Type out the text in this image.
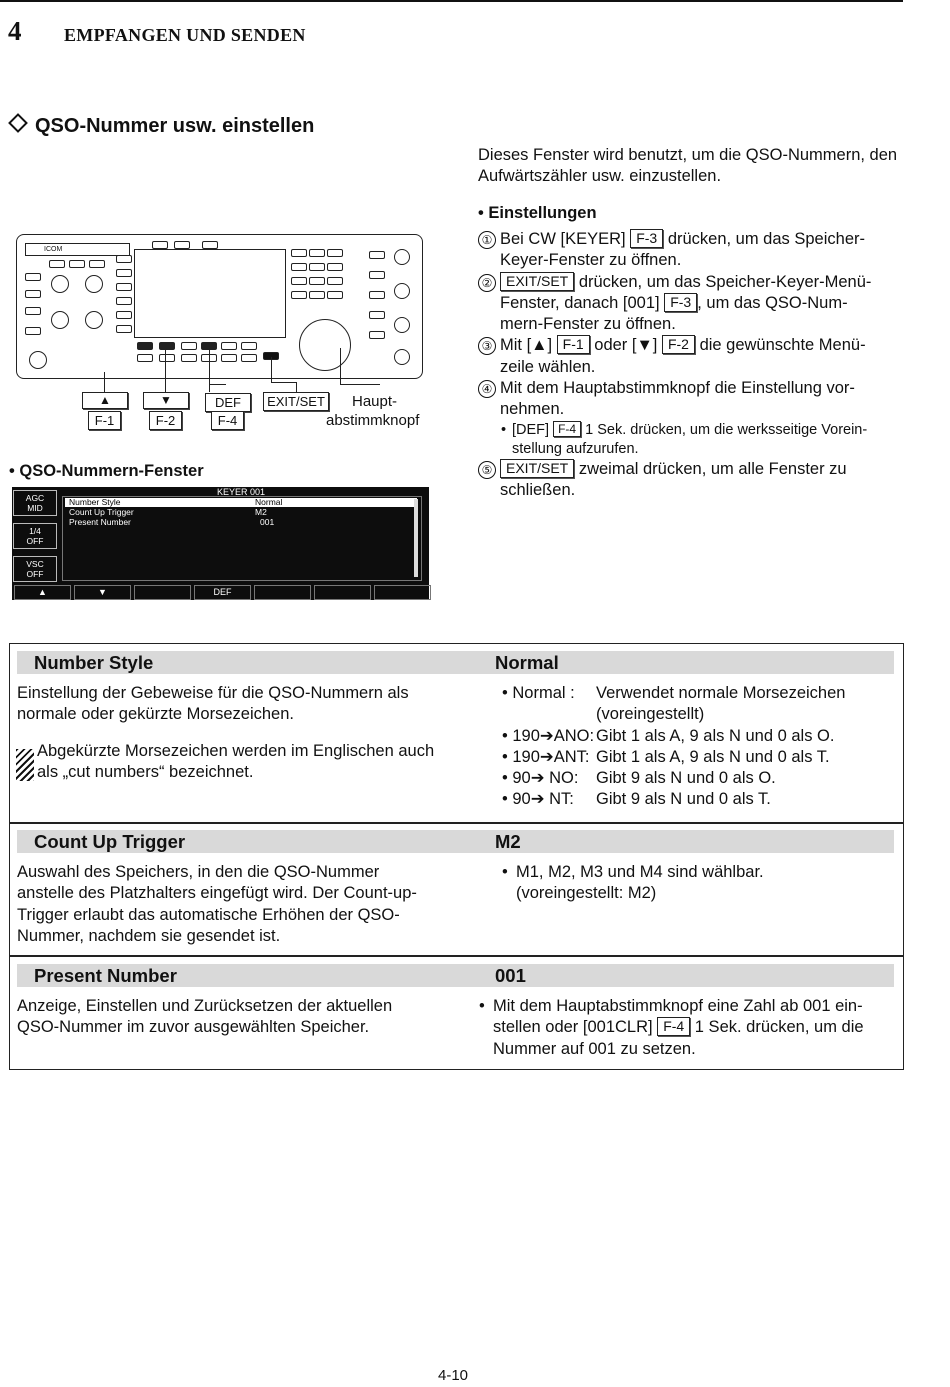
4 EMPFANGEN UND SENDEN
QSO-Nummer usw. einstellen
Dieses Fenster wird benutzt, um die QSO-Nummern, den Aufwärtszähler usw. einzustellen.
• Einstellungen
① Bei CW [KEYER] F-3 drücken, um das Speicher-
Keyer-Fenster zu öffnen.
② EXIT/SET drücken, um das Speicher-Keyer-Menü-
Fenster, danach [001] F-3 , um das QSO-Num-
mern-Fenster zu öffnen.
③ Mit [▲] F-1 oder [▼] F-2 die gewünschte Menü-
zeile wählen.
④ Mit dem Hauptabstimmknopf die Einstellung vor-
nehmen.
• [DEF] F-4 1 Sek. drücken, um die werksseitige Vorein-
stellung aufzurufen.
⑤ EXIT/SET zweimal drücken, um alle Fenster zu
schließen.
ICOM
▲
F-1
▼
F-2
DEF
F-4
EXIT/SET Haupt-
abstimmknopf
• QSO-Nummern-Fenster
AGC
MID
1/4
OFF
VSC
OFF
KEYER 001
Number Style	Normal
Count Up Trigger	M2
Present Number	001
▲	▼	DEF
Number Style	Normal
Einstellung der Gebeweise für die QSO-Nummern als normale oder gekürzte Morsezeichen.
Abgekürzte Morsezeichen werden im Englischen auch als „cut numbers“ bezeichnet.
• Normal : Verwendet normale Morsezeichen
(voreingestellt)
• 190➔ANO: Gibt 1 als A, 9 als N und 0 als O.
• 190➔ANT: Gibt 1 als A, 9 als N und 0 als T.
• 90➔ NO: Gibt 9 als N und 0 als O.
• 90➔ NT: Gibt 9 als N und 0 als T.
Count Up Trigger	M2
Auswahl des Speichers, in den die QSO-Nummer anstelle des Platzhalters eingefügt wird. Der Count-up-Trigger erlaubt das automatische Erhöhen der QSO-Nummer, nachdem sie gesendet ist.
• M1, M2, M3 und M4 sind wählbar.
(voreingestellt: M2)
Present Number	001
Anzeige, Einstellen und Zurücksetzen der aktuellen QSO-Nummer im zuvor ausgewählten Speicher.
• Mit dem Hauptabstimmknopf eine Zahl ab 001 ein-
stellen oder [001CLR] F-4 1 Sek. drücken, um die
Nummer auf 001 zu setzen.
4-10
